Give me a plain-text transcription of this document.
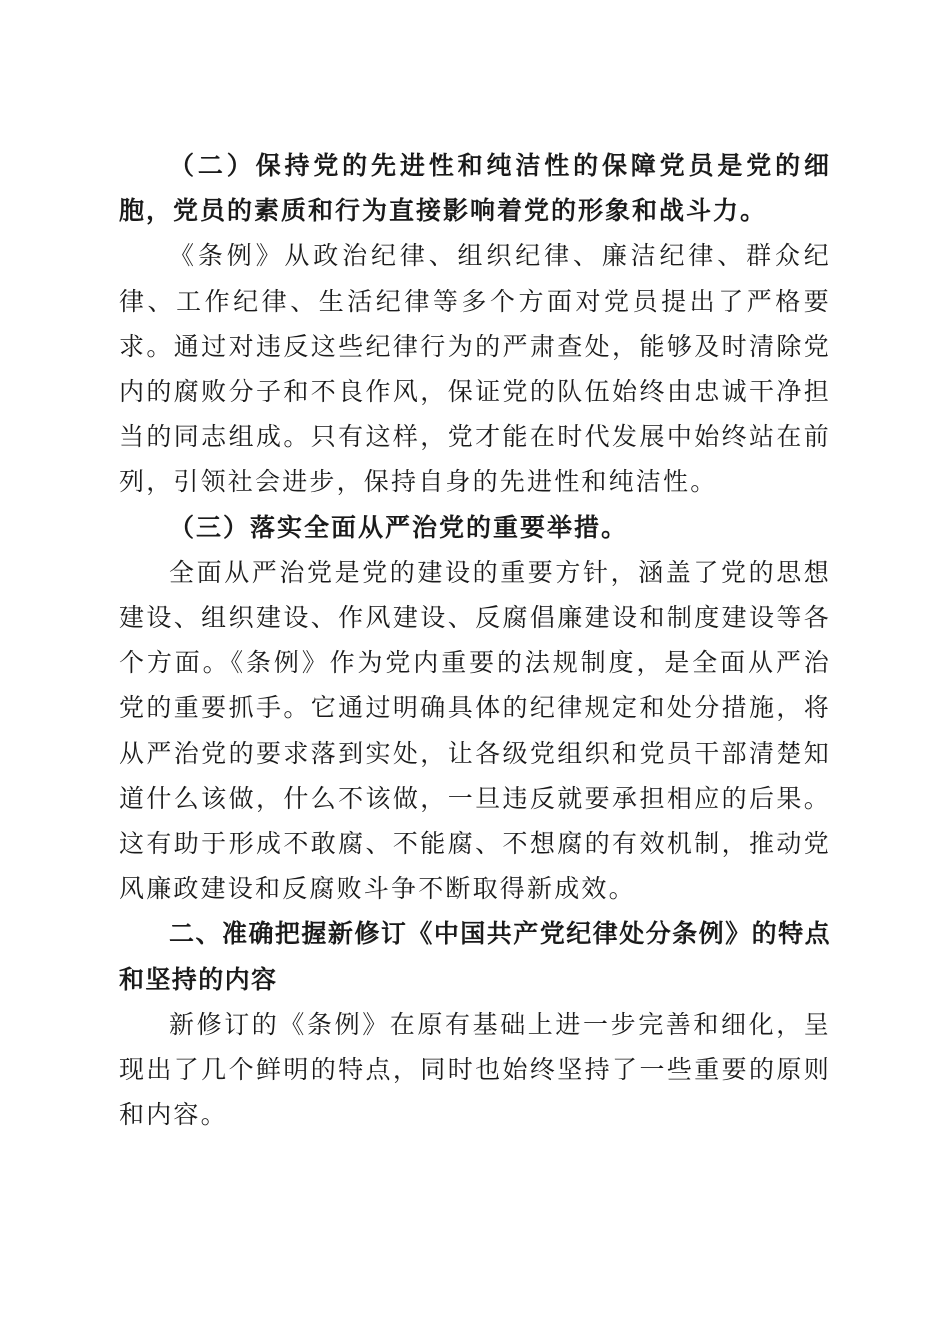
（二）保持党的先进性和纯洁性的保障党员是党的细胞，党员的素质和行为直接影响着党的形象和战斗力。

《条例》从政治纪律、组织纪律、廉洁纪律、群众纪律、工作纪律、生活纪律等多个方面对党员提出了严格要求。通过对违反这些纪律行为的严肃查处，能够及时清除党内的腐败分子和不良作风，保证党的队伍始终由忠诚干净担当的同志组成。只有这样，党才能在时代发展中始终站在前列，引领社会进步，保持自身的先进性和纯洁性。

（三）落实全面从严治党的重要举措。

全面从严治党是党的建设的重要方针，涵盖了党的思想建设、组织建设、作风建设、反腐倡廉建设和制度建设等各个方面。《条例》作为党内重要的法规制度，是全面从严治党的重要抓手。它通过明确具体的纪律规定和处分措施，将从严治党的要求落到实处，让各级党组织和党员干部清楚知道什么该做，什么不该做，一旦违反就要承担相应的后果。这有助于形成不敢腐、不能腐、不想腐的有效机制，推动党风廉政建设和反腐败斗争不断取得新成效。

二、准确把握新修订《中国共产党纪律处分条例》的特点和坚持的内容

新修订的《条例》在原有基础上进一步完善和细化，呈现出了几个鲜明的特点，同时也始终坚持了一些重要的原则和内容。
